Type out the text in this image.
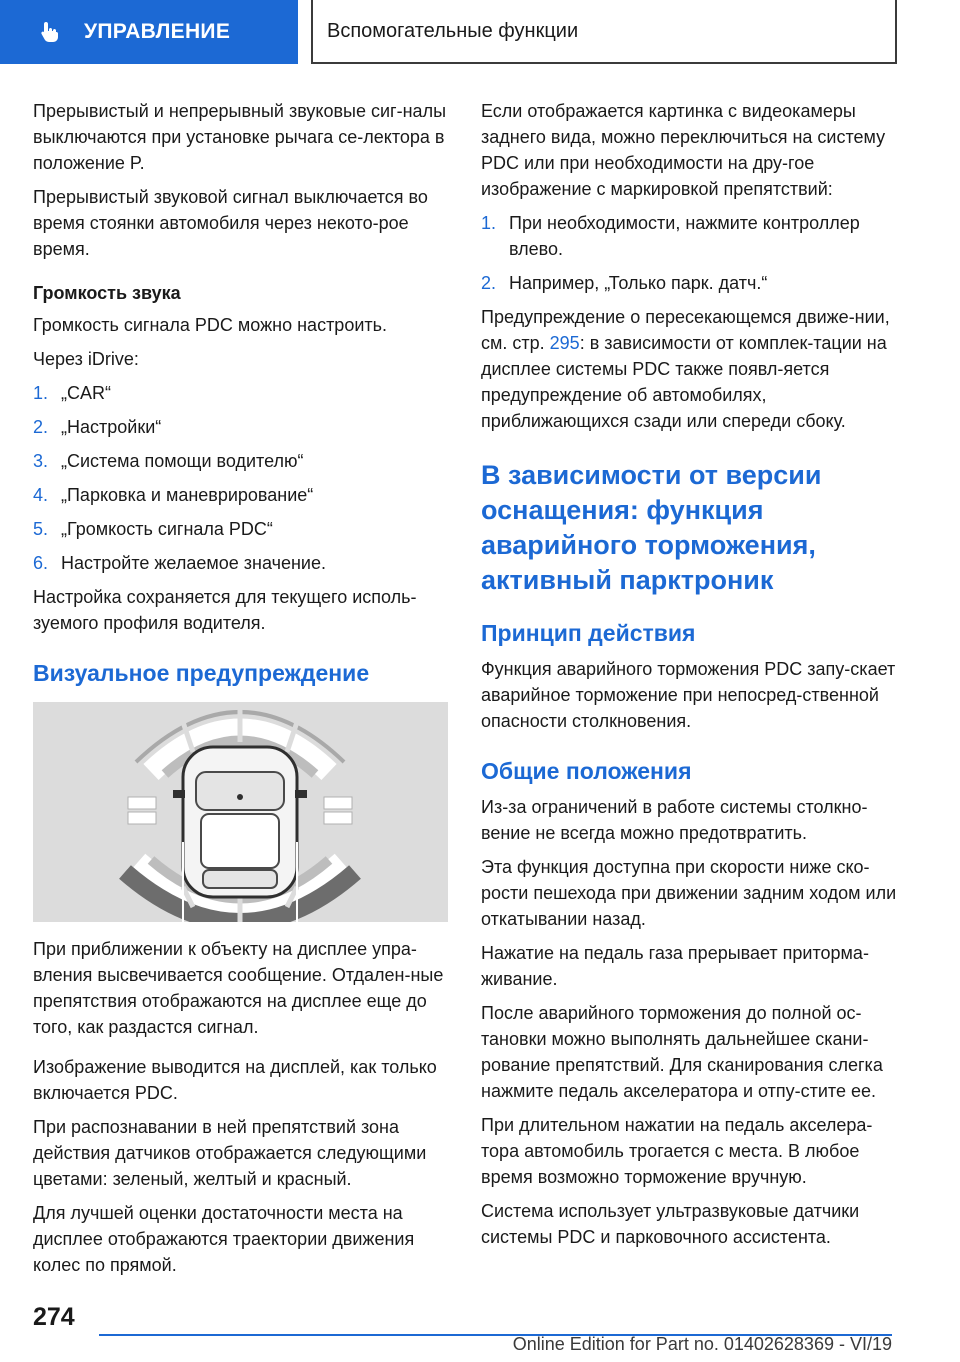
УПРАВЛЕНИЕ	Вспомогательные функции

Прерывистый и непрерывный звуковые сиг-нaлы выключаются при установке рычага се-лектора в положение P.

Прерывистый звуковой сигнал выключается во время стоянки автомобиля через некото-рое время.

Громкость звука

Громкость сигнала PDC можно настроить.

Через iDrive:

1. „CAR“
2. „Настройки“
3. „Система помощи водителю“
4. „Парковка и маневрирование“
5. „Громкость сигнала PDC“
6. Настройте желаемое значение.

Настройка сохраняется для текущего исполь-зуемого профиля водителя.

Визуальное предупреждение

При приближении к объекту на дисплее упра-вления высвечивается сообщение. Отдален-ные препятствия отображаются на дисплее еще до того, как раздастся сигнал.

Изображение выводится на дисплей, как только включается PDC.

При распознавании в ней препятствий зона действия датчиков отображается следующими цветами: зеленый, желтый и красный.

Для лучшей оценки достаточности места на дисплее отображаются траектории движения колес по прямой.

Если отображается картинка с видеокамеры заднего вида, можно переключиться на систему PDC или при необходимости на дру-гое изображение с маркировкой препятствий:

1. При необходимости, нажмите контроллер влево.
2. Например, „Только парк. датч.“

Предупреждение о пересекающемся движе-нии, см. стр. 295: в зависимости от комплек-тации на дисплее системы PDC также появл-яется предупреждение об автомобилях, приближающихся сзади или спереди сбоку.

В зависимости от версии оснащения: функция аварийного торможения, активный парктроник
Принцип действия

Функция аварийного торможения PDC запу-скает аварийное торможение при непосред-ственной опасности столкновения.

Общие положения

Из-за ограничений в работе системы столкно-вение не всегда можно предотвратить.

Эта функция доступна при скорости ниже ско-рости пешехода при движении задним ходом или откатывании назад.

Нажатие на педаль газа прерывает приторма-живание.

После аварийного торможения до полной ос-тановки можно выполнять дальнейшее скани-рование препятствий. Для сканирования слегка нажмите педаль акселератора и отпу-стите ее.

При длительном нажатии на педаль акселера-тора автомобиль трогается с места. В любое время возможно торможение вручную.

Система использует ультразвуковые датчики системы PDC и парковочного ассистента.

274
Online Edition for Part no. 01402628369 - VI/19
